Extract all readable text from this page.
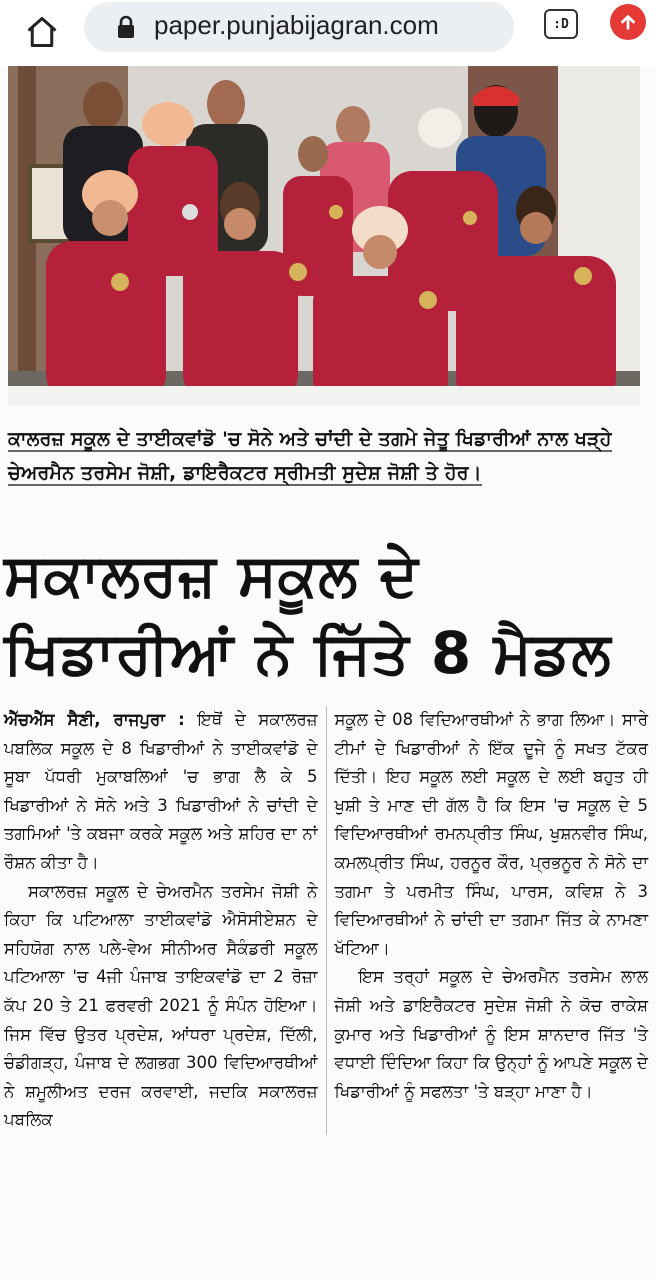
paper.punjabijagran.com	:D
ਕਾਲਰਜ਼ ਸਕੂਲ ਦੇ ਤਾਈਕਵਾਂਡੋ 'ਚ ਸੋਨੇ ਅਤੇ ਚਾਂਦੀ ਦੇ ਤਗਮੇ ਜੇਤੂ ਖਿਡਾਰੀਆਂ ਨਾਲ ਖੜ੍ਹੇ ਚੇਅਰਮੈਨ ਤਰਸੇਮ ਜੋਸ਼ੀ, ਡਾਇਰੈਕਟਰ ਸ੍ਰੀਮਤੀ ਸੁਦੇਸ਼ ਜੋਸ਼ੀ ਤੇ ਹੋਰ।
ਸਕਾਲਰਜ਼ ਸਕੂਲ ਦੇ
ਖਿਡਾਰੀਆਂ ਨੇ ਜਿੱਤੇ 8 ਮੈਡਲ

ਐੱਚਐੱਸ ਸੈਣੀ, ਰਾਜਪੁਰਾ : ਇਥੋਂ ਦੇ ਸਕਾਲਰਜ਼ ਪਬਲਿਕ ਸਕੂਲ ਦੇ 8 ਖਿਡਾਰੀਆਂ ਨੇ ਤਾਈਕਵਾਂਡੋ ਦੇ ਸੂਬਾ ਪੱਧਰੀ ਮੁਕਾਬਲਿਆਂ 'ਚ ਭਾਗ ਲੈ ਕੇ 5 ਖਿਡਾਰੀਆਂ ਨੇ ਸੋਨੇ ਅਤੇ 3 ਖਿਡਾਰੀਆਂ ਨੇ ਚਾਂਦੀ ਦੇ ਤਗਮਿਆਂ 'ਤੇ ਕਬਜਾ ਕਰਕੇ ਸਕੂਲ ਅਤੇ ਸ਼ਹਿਰ ਦਾ ਨਾਂ ਰੌਸ਼ਨ ਕੀਤਾ ਹੈ।

ਸਕਾਲਰਜ਼ ਸਕੂਲ ਦੇ ਚੇਅਰਮੈਨ ਤਰਸੇਮ ਜੋਸ਼ੀ ਨੇ ਕਿਹਾ ਕਿ ਪਟਿਆਲਾ ਤਾਈਕਵਾਂਡੋ ਐਸੋਸੀਏਸ਼ਨ ਦੇ ਸਹਿਯੋਗ ਨਾਲ ਪਲੇ-ਵੇਅ ਸੀਨੀਅਰ ਸੈਕੰਡਰੀ ਸਕੂਲ ਪਟਿਆਲਾ 'ਚ 4ਜੀ ਪੰਜਾਬ ਤਾਇਕਵਾਂਡੋ ਦਾ 2 ਰੋਜ਼ਾ ਕੱਪ 20 ਤੇ 21 ਫਰਵਰੀ 2021 ਨੂੰ ਸੰਪੰਨ ਹੋਇਆ। ਜਿਸ ਵਿੱਚ ਉਤਰ ਪ੍ਰਦੇਸ਼, ਆਂਧਰਾ ਪ੍ਰਦੇਸ਼, ਦਿੱਲੀ, ਚੰਡੀਗੜ੍ਹ, ਪੰਜਾਬ ਦੇ ਲਗਭਗ 300 ਵਿਦਿਆਰਥੀਆਂ ਨੇ ਸ਼ਮੂਲੀਅਤ ਦਰਜ ਕਰਵਾਈ, ਜਦਕਿ ਸਕਾਲਰਜ਼ ਪਬਲਿਕ

ਸਕੂਲ ਦੇ 08 ਵਿਦਿਆਰਥੀਆਂ ਨੇ ਭਾਗ ਲਿਆ। ਸਾਰੇ ਟੀਮਾਂ ਦੇ ਖਿਡਾਰੀਆਂ ਨੇ ਇੱਕ ਦੂਜੇ ਨੂੰ ਸਖਤ ਟੱਕਰ ਦਿੱਤੀ। ਇਹ ਸਕੂਲ ਲਈ ਸਕੂਲ ਦੇ ਲਈ ਬਹੁਤ ਹੀ ਖੁਸ਼ੀ ਤੇ ਮਾਣ ਦੀ ਗੱਲ ਹੈ ਕਿ ਇਸ 'ਚ ਸਕੂਲ ਦੇ 5 ਵਿਦਿਆਰਥੀਆਂ ਰਮਨਪ੍ਰੀਤ ਸਿੰਘ, ਖੁਸ਼ਨਵੀਰ ਸਿੰਘ, ਕਮਲਪ੍ਰੀਤ ਸਿੰਘ, ਹਰਨੂਰ ਕੌਰ, ਪ੍ਰਭਨੂਰ ਨੇ ਸੋਨੇ ਦਾ ਤਗਮਾ ਤੇ ਪਰਮੀਤ ਸਿੰਘ, ਪਾਰਸ, ਕਵਿਸ਼ ਨੇ 3 ਵਿਦਿਆਰਥੀਆਂ ਨੇ ਚਾਂਦੀ ਦਾ ਤਗਮਾ ਜਿੱਤ ਕੇ ਨਾਮਣਾ ਖੱਟਿਆ।

ਇਸ ਤਰ੍ਹਾਂ ਸਕੂਲ ਦੇ ਚੇਅਰਮੈਨ ਤਰਸੇਮ ਲਾਲ ਜੋਸ਼ੀ ਅਤੇ ਡਾਇਰੈਕਟਰ ਸੁਦੇਸ਼ ਜੋਸ਼ੀ ਨੇ ਕੋਚ ਰਾਕੇਸ਼ ਕੁਮਾਰ ਅਤੇ ਖਿਡਾਰੀਆਂ ਨੂੰ ਇਸ ਸ਼ਾਨਦਾਰ ਜਿੱਤ 'ਤੇ ਵਧਾਈ ਦਿੰਦਿਆ ਕਿਹਾ ਕਿ ਉਨ੍ਹਾਂ ਨੂੰ ਆਪਣੇ ਸਕੂਲ ਦੇ ਖਿਡਾਰੀਆਂ ਨੂੰ ਸਫਲਤਾ 'ਤੇ ਬੜ੍ਹਾ ਮਾਣਾ ਹੈ।
